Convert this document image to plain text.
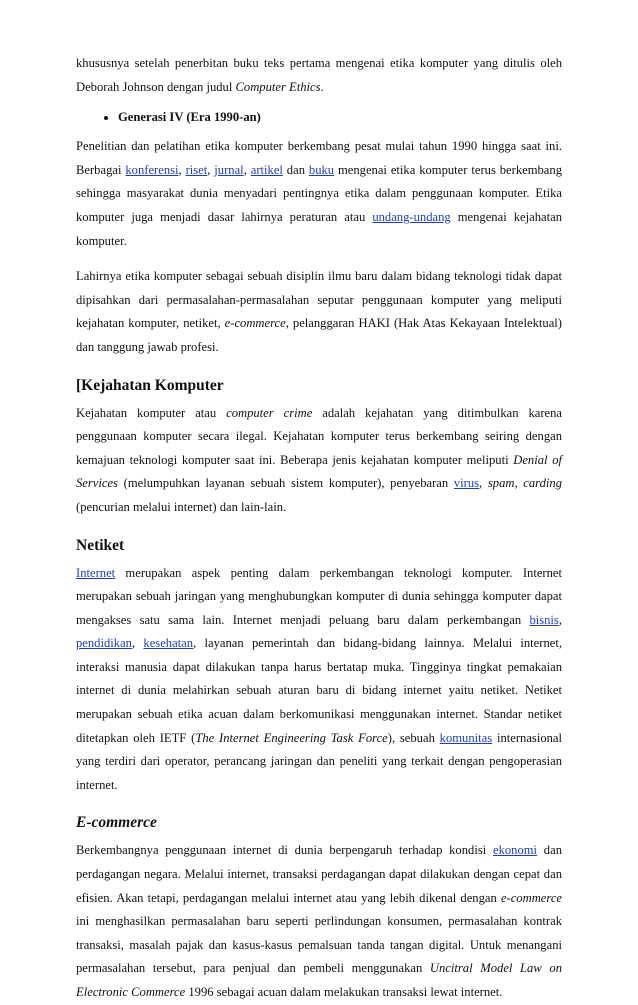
khususnya setelah penerbitan buku teks pertama mengenai etika komputer yang ditulis oleh Deborah Johnson dengan judul Computer Ethics.

• Generasi IV (Era 1990-an)

Penelitian dan pelatihan etika komputer berkembang pesat mulai tahun 1990 hingga saat ini. Berbagai konferensi, riset, jurnal, artikel dan buku mengenai etika komputer terus berkembang sehingga masyarakat dunia menyadari pentingnya etika dalam penggunaan komputer. Etika komputer juga menjadi dasar lahirnya peraturan atau undang-undang mengenai kejahatan komputer.

Lahirnya etika komputer sebagai sebuah disiplin ilmu baru dalam bidang teknologi tidak dapat dipisahkan dari permasalahan-permasalahan seputar penggunaan komputer yang meliputi kejahatan komputer, netiket, e-commerce, pelanggaran HAKI (Hak Atas Kekayaan Intelektual) dan tanggung jawab profesi.

[Kejahatan Komputer

Kejahatan komputer atau computer crime adalah kejahatan yang ditimbulkan karena penggunaan komputer secara ilegal. Kejahatan komputer terus berkembang seiring dengan kemajuan teknologi komputer saat ini. Beberapa jenis kejahatan komputer meliputi Denial of Services (melumpuhkan layanan sebuah sistem komputer), penyebaran virus, spam, carding (pencurian melalui internet) dan lain-lain.

Netiket

Internet merupakan aspek penting dalam perkembangan teknologi komputer. Internet merupakan sebuah jaringan yang menghubungkan komputer di dunia sehingga komputer dapat mengakses satu sama lain. Internet menjadi peluang baru dalam perkembangan bisnis, pendidikan, kesehatan, layanan pemerintah dan bidang-bidang lainnya. Melalui internet, interaksi manusia dapat dilakukan tanpa harus bertatap muka. Tingginya tingkat pemakaian internet di dunia melahirkan sebuah aturan baru di bidang internet yaitu netiket. Netiket merupakan sebuah etika acuan dalam berkomunikasi menggunakan internet. Standar netiket ditetapkan oleh IETF (The Internet Engineering Task Force), sebuah komunitas internasional yang terdiri dari operator, perancang jaringan dan peneliti yang terkait dengan pengoperasian internet.

E-commerce

Berkembangnya penggunaan internet di dunia berpengaruh terhadap kondisi ekonomi dan perdagangan negara. Melalui internet, transaksi perdagangan dapat dilakukan dengan cepat dan efisien. Akan tetapi, perdagangan melalui internet atau yang lebih dikenal dengan e-commerce ini menghasilkan permasalahan baru seperti perlindungan konsumen, permasalahan kontrak transaksi, masalah pajak dan kasus-kasus pemalsuan tanda tangan digital. Untuk menangani permasalahan tersebut, para penjual dan pembeli menggunakan Uncitral Model Law on Electronic Commerce 1996 sebagai acuan dalam melakukan transaksi lewat internet.
